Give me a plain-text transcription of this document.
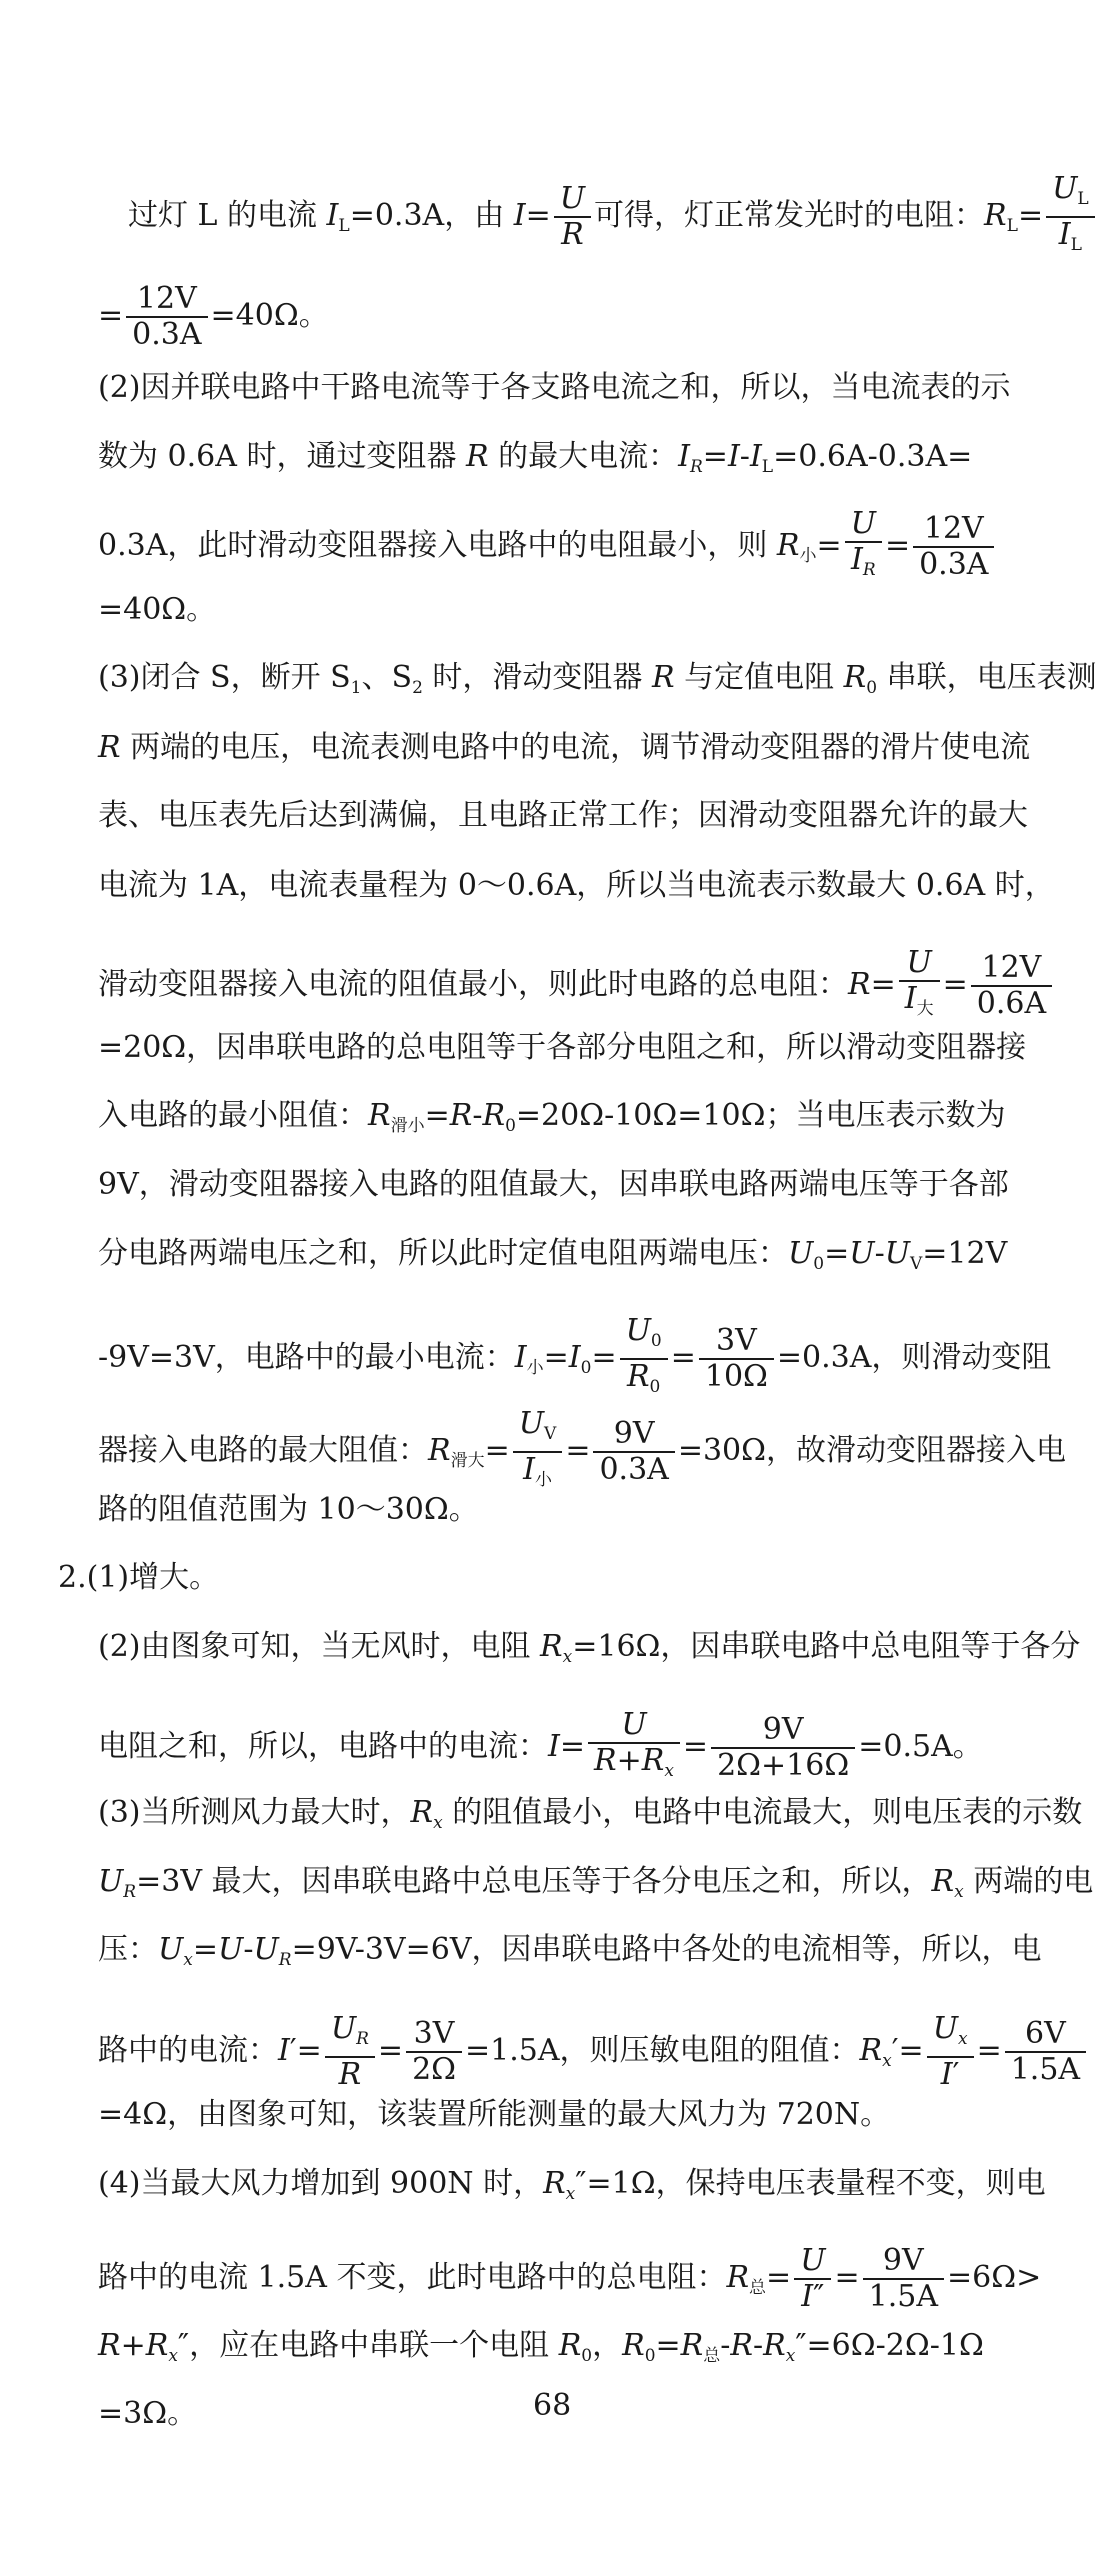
过灯 L 的电流 $I_L=0.3A$，由 $I= \frac{U}{R}$ 可得，灯正常发光时的电阻：$R_L= \frac{U_L}{I_L}$
= $\frac{12V}{0.3A} =40\Omega$。
(2)因并联电路中干路电流等于各支路电流之和，所以，当电流表的示
数为 0.6A 时，通过变阻器 R 的最大电流：$I_R=I-I_L=0.6A-0.3A=$
0.3A，此时滑动变阻器接入电路中的电阻最小，则 $R_小= \frac{U}{I_R} = \frac{12V}{0.3A}$
=40Ω。
(3)闭合 S，断开 $S_1$、$S_2$ 时，滑动变阻器 R 与定值电阻 $R_0$ 串联，电压表测
R 两端的电压，电流表测电路中的电流，调节滑动变阻器的滑片使电流
表、电压表先后达到满偏，且电路正常工作；因滑动变阻器允许的最大
电流为 1A，电流表量程为 0～0.6A，所以当电流表示数最大 0.6A 时，
滑动变阻器接入电流的阻值最小，则此时电路的总电阻：$R= \frac{U}{I_大} = \frac{12V}{0.6A}$
=20Ω，因串联电路的总电阻等于各部分电阻之和，所以滑动变阻器接
入电路的最小阻值：$R_{滑小}=R-R_0=20\Omega-10\Omega=10\Omega$；当电压表示数为
9V，滑动变阻器接入电路的阻值最大，因串联电路两端电压等于各部
分电路两端电压之和，所以此时定值电阻两端电压：$U_0=U-U_V=12V$
-9V=3V，电路中的最小电流：$I_小=I_0= \frac{U_0}{R_0} = \frac{3V}{10\Omega} =0.3A$，则滑动变阻
器接入电路的最大阻值：$R_{滑大}= \frac{U_V}{I_小} = \frac{9V}{0.3A} =30\Omega$，故滑动变阻器接入电
路的阻值范围为 10～30Ω。
2.(1)增大。
(2)由图象可知，当无风时，电阻 $R_x=16\Omega$，因串联电路中总电阻等于各分
电阻之和，所以，电路中的电流：$I= \frac{U}{R+R_x} = \frac{9V}{2\Omega+16\Omega} =0.5A$。
(3)当所测风力最大时，$R_x$ 的阻值最小，电路中电流最大，则电压表的示数
$U_R=3V$ 最大，因串联电路中总电压等于各分电压之和，所以，$R_x$ 两端的电
压：$U_x=U-U_R=9V-3V=6V$，因串联电路中各处的电流相等，所以，电
路中的电流：$I'= \frac{U_R}{R} = \frac{3V}{2\Omega} =1.5A$，则压敏电阻的阻值：$R_x'= \frac{U_x}{I'} = \frac{6V}{1.5A}$
=4Ω，由图象可知，该装置所能测量的最大风力为 720N。
(4)当最大风力增加到 900N 时，$R_x''=1\Omega$，保持电压表量程不变，则电
路中的电流 1.5A 不变，此时电路中的总电阻：$R_总= \frac{U}{I''} = \frac{9V}{1.5A} =6\Omega>$
$R+R_x''$，应在电路中串联一个电阻 $R_0$，$R_0=R_总-R-R_x''=6\Omega-2\Omega-1\Omega$
=3Ω。	68
